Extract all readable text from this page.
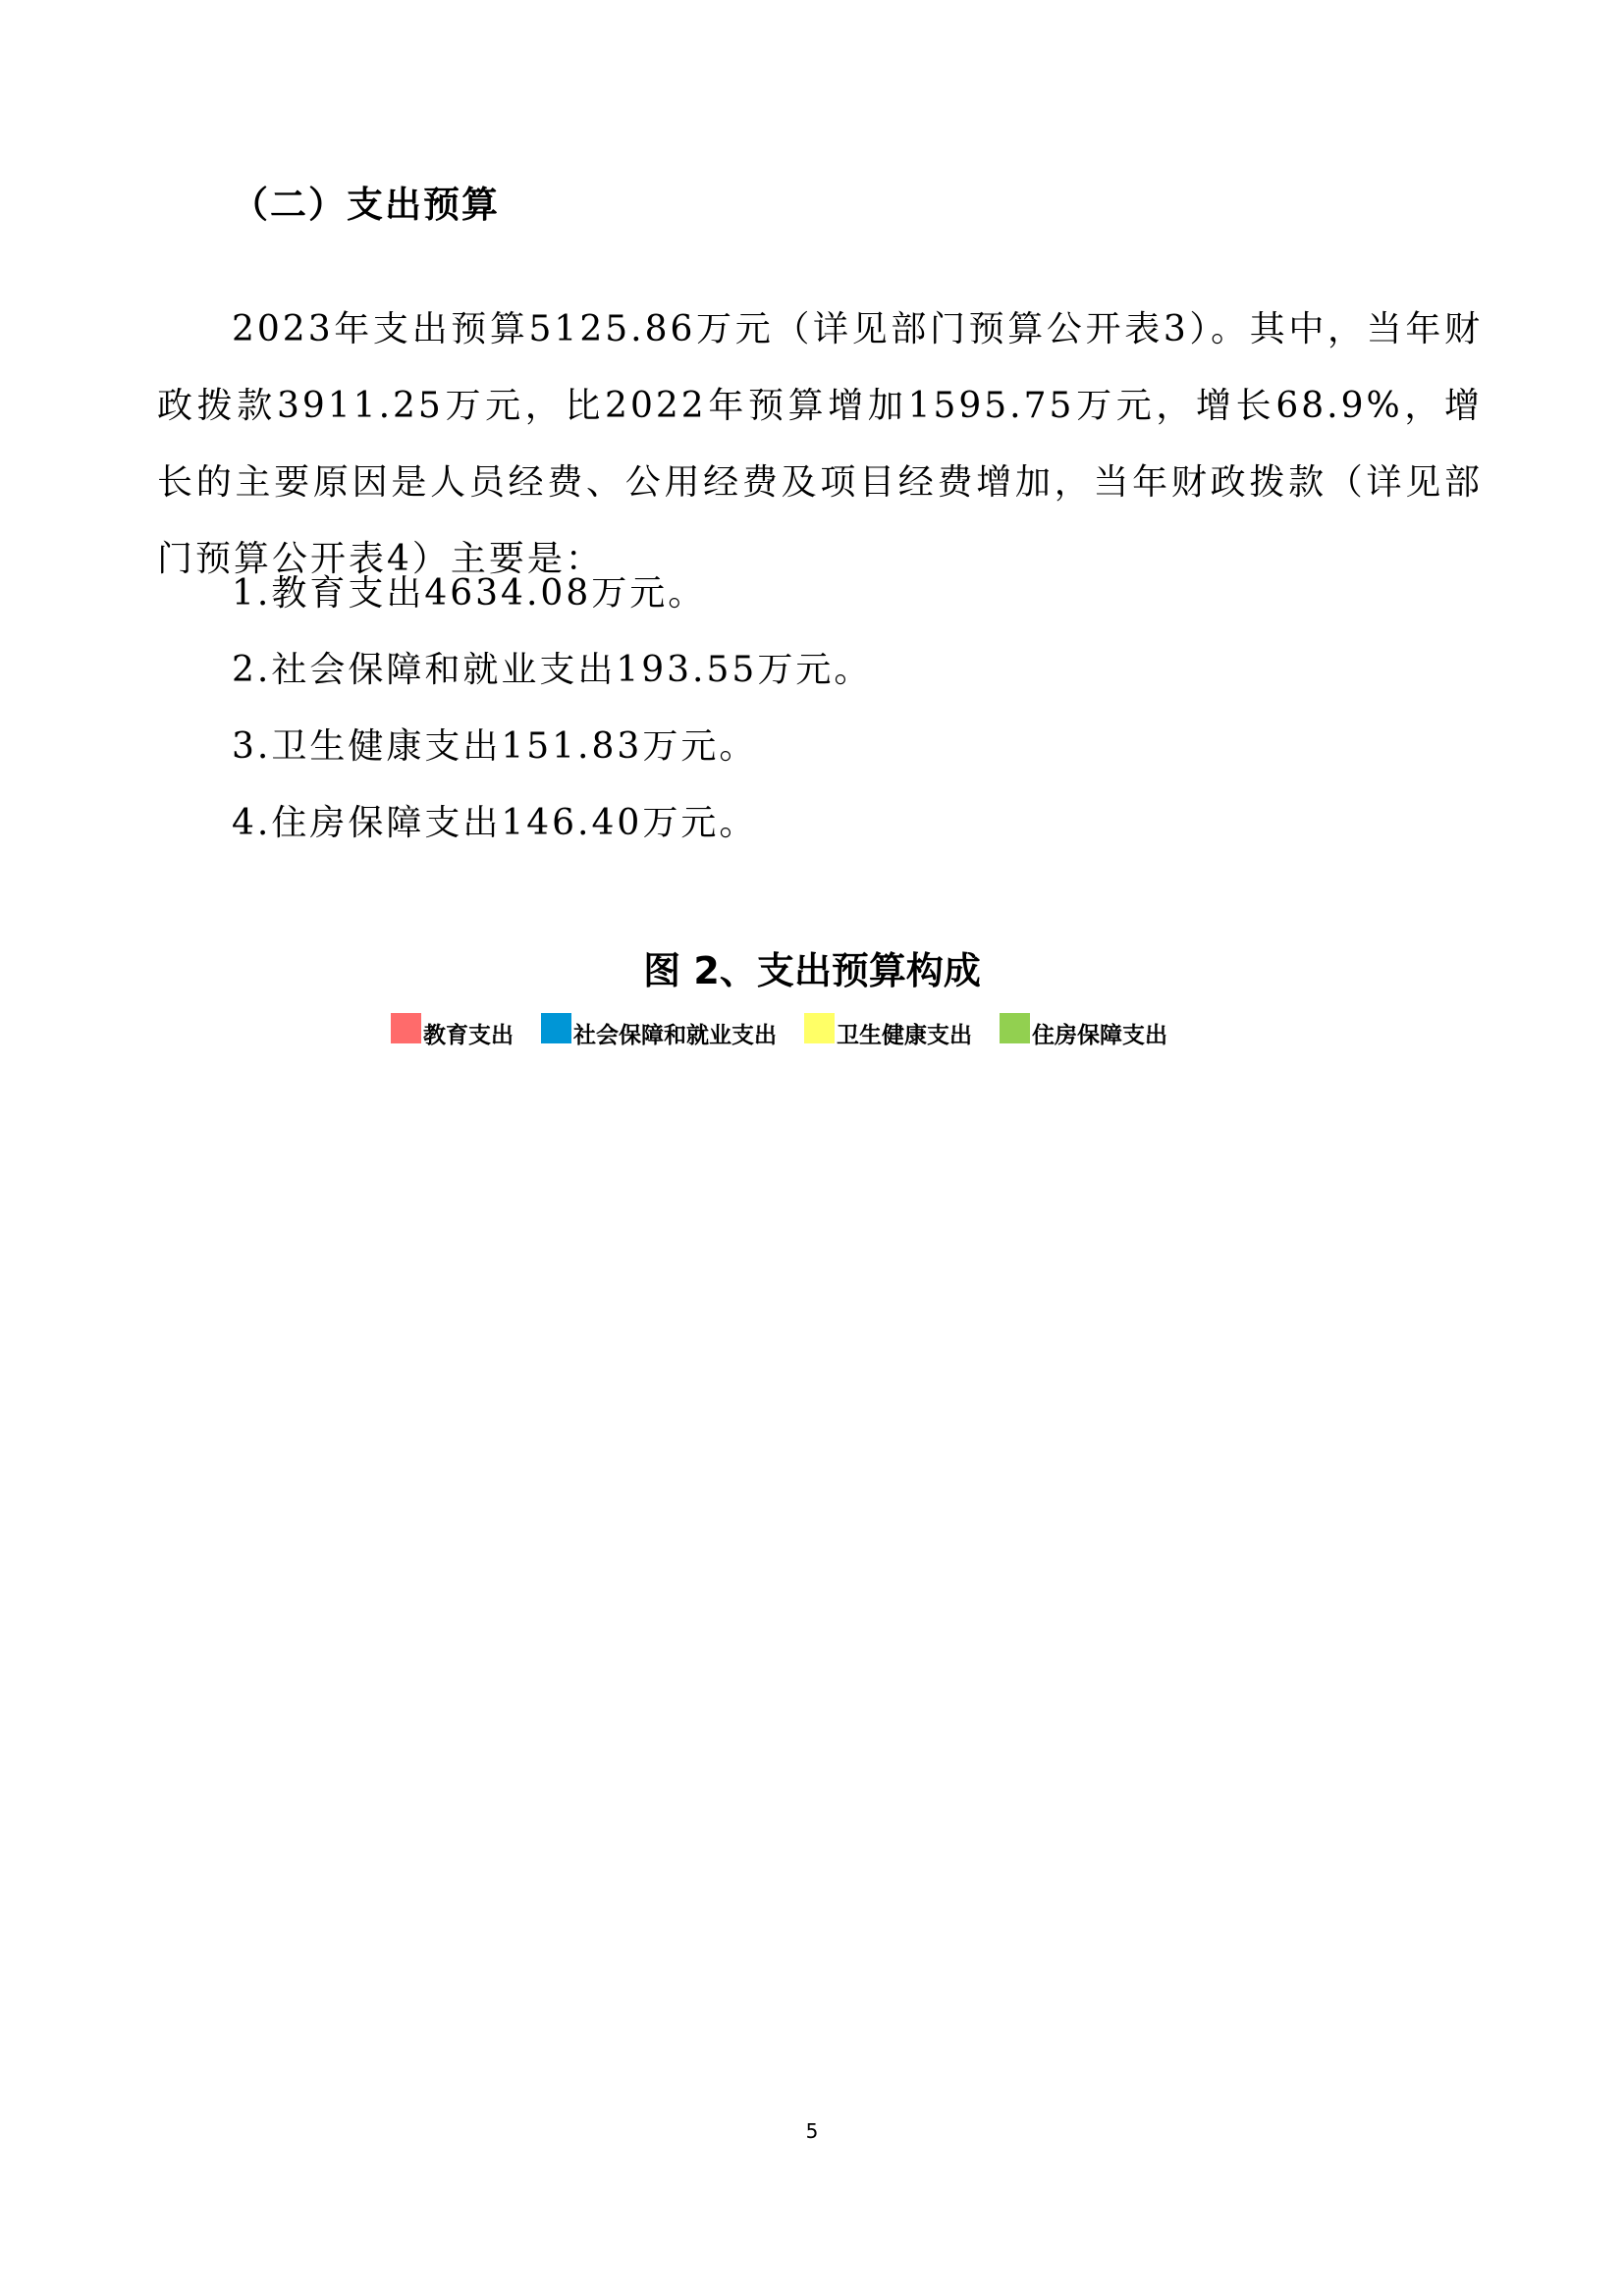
（二）支出预算

2023年支出预算5125.86万元（详见部门预算公开表3）。其中，当年财政拨款3911.25万元，比2022年预算增加1595.75万元，增长68.9%，增长的主要原因是人员经费、公用经费及项目经费增加，当年财政拨款（详见部门预算公开表4）主要是：

1.教育支出4634.08万元。
2.社会保障和就业支出193.55万元。
3.卫生健康支出151.83万元。
4.住房保障支出146.40万元。
图 2、支出预算构成
教育支出	社会保障和就业支出	卫生健康支出	住房保障支出
5
